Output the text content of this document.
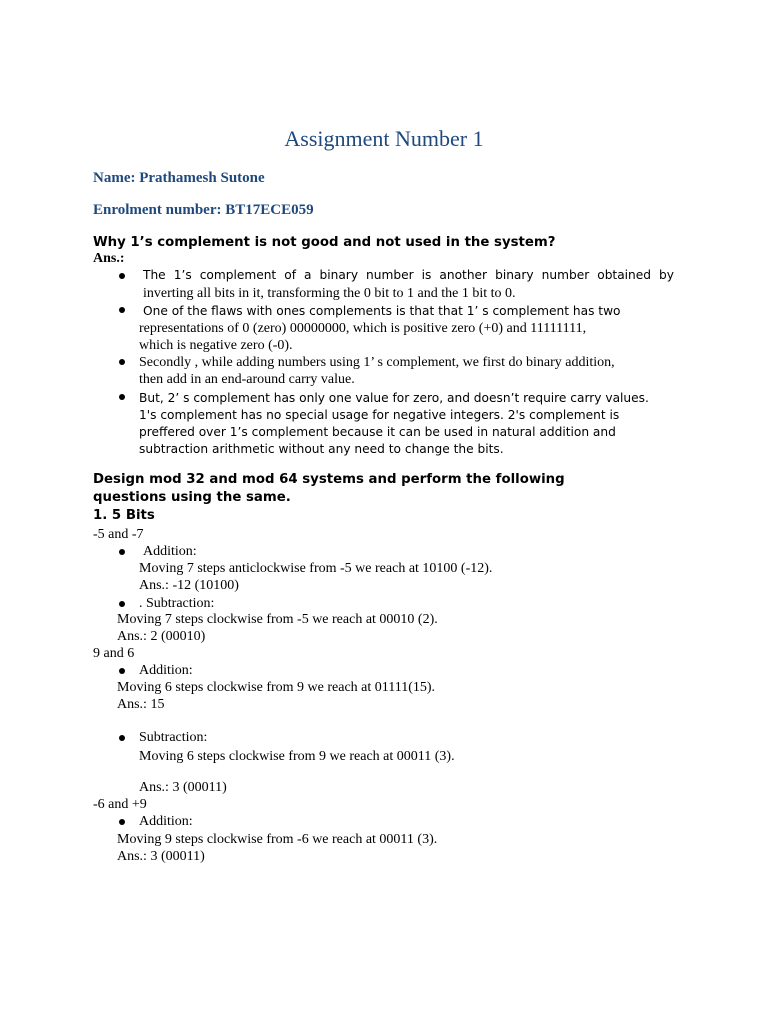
Assignment Number 1
Name: Prathamesh Sutone
Enrolment number: BT17ECE059
Why 1’s complement is not good and not used in the system?
Ans.:
The 1’s complement of a binary number is another binary number obtained by
inverting all bits in it, transforming the 0 bit to 1 and the 1 bit to 0.
One of the flaws with ones complements is that that 1’ s complement has two
representations of 0 (zero) 00000000, which is positive zero (+0) and 11111111,
which is negative zero (-0).
Secondly , while adding numbers using 1’ s complement, we first do binary addition,
then add in an end-around carry value.
But, 2’ s complement has only one value for zero, and doesn’t require carry values.
1's complement has no special usage for negative integers. 2's complement is
preffered over 1’s complement because it can be used in natural addition and
subtraction arithmetic without any need to change the bits.
Design mod 32 and mod 64 systems and perform the following
questions using the same.
1. 5 Bits
-5 and -7
Addition:
Moving 7 steps anticlockwise from -5 we reach at 10100 (-12).
Ans.: -12 (10100)
. Subtraction:
Moving 7 steps clockwise from -5 we reach at 00010 (2).
Ans.: 2 (00010)
9 and 6
Addition:
Moving 6 steps clockwise from 9 we reach at 01111(15).
Ans.: 15
Subtraction:
Moving 6 steps clockwise from 9 we reach at 00011 (3).
Ans.: 3 (00011)
-6 and +9
Addition:
Moving 9 steps clockwise from -6 we reach at 00011 (3).
Ans.: 3 (00011)
